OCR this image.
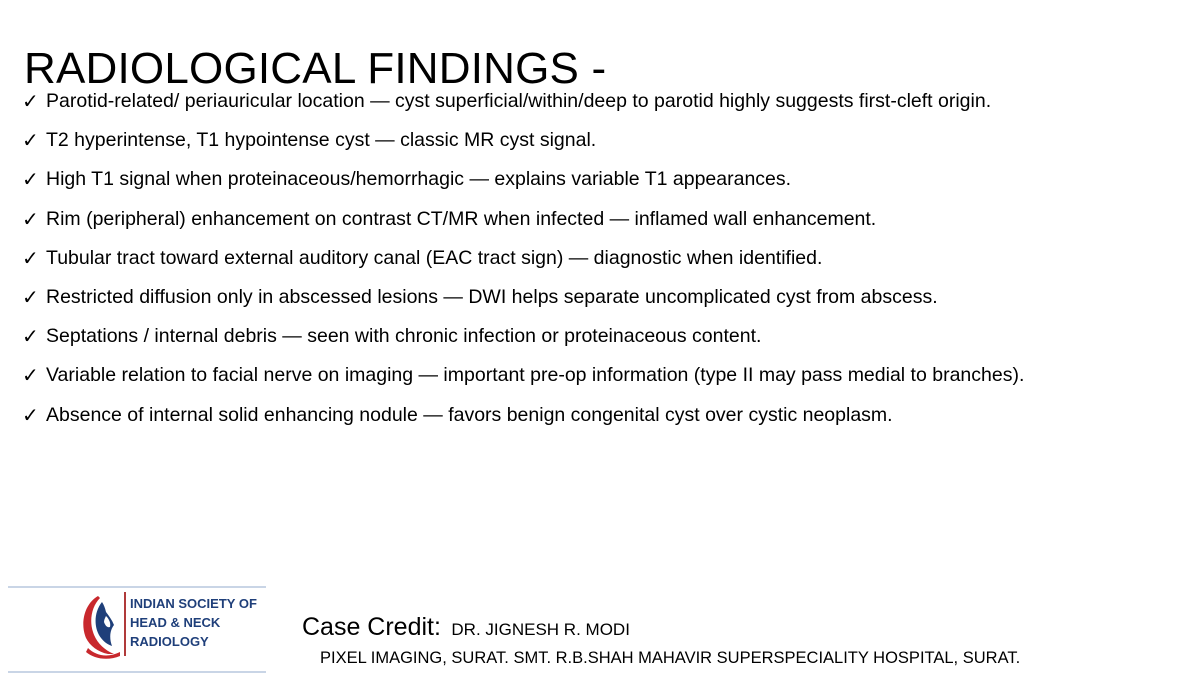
RADIOLOGICAL FINDINGS -
✓ Parotid-related/ periauricular location — cyst superficial/within/deep to parotid highly suggests first-cleft origin.
✓ T2 hyperintense, T1 hypointense cyst — classic MR cyst signal.
✓ High T1 signal when proteinaceous/hemorrhagic — explains variable T1 appearances.
✓ Rim (peripheral) enhancement on contrast CT/MR when infected — inflamed wall enhancement.
✓ Tubular tract toward external auditory canal (EAC tract sign) — diagnostic when identified.
✓ Restricted diffusion only in abscessed lesions — DWI helps separate uncomplicated cyst from abscess.
✓ Septations / internal debris — seen with chronic infection or proteinaceous content.
✓ Variable relation to facial nerve on imaging — important pre-op information (type II may pass medial to branches).
✓ Absence of internal solid enhancing nodule — favors benign congenital cyst over cystic neoplasm.
INDIAN SOCIETY OF
HEAD & NECK
RADIOLOGY
Case Credit: DR. JIGNESH R. MODI
PIXEL IMAGING, SURAT. SMT. R.B.SHAH MAHAVIR SUPERSPECIALITY HOSPITAL, SURAT.
